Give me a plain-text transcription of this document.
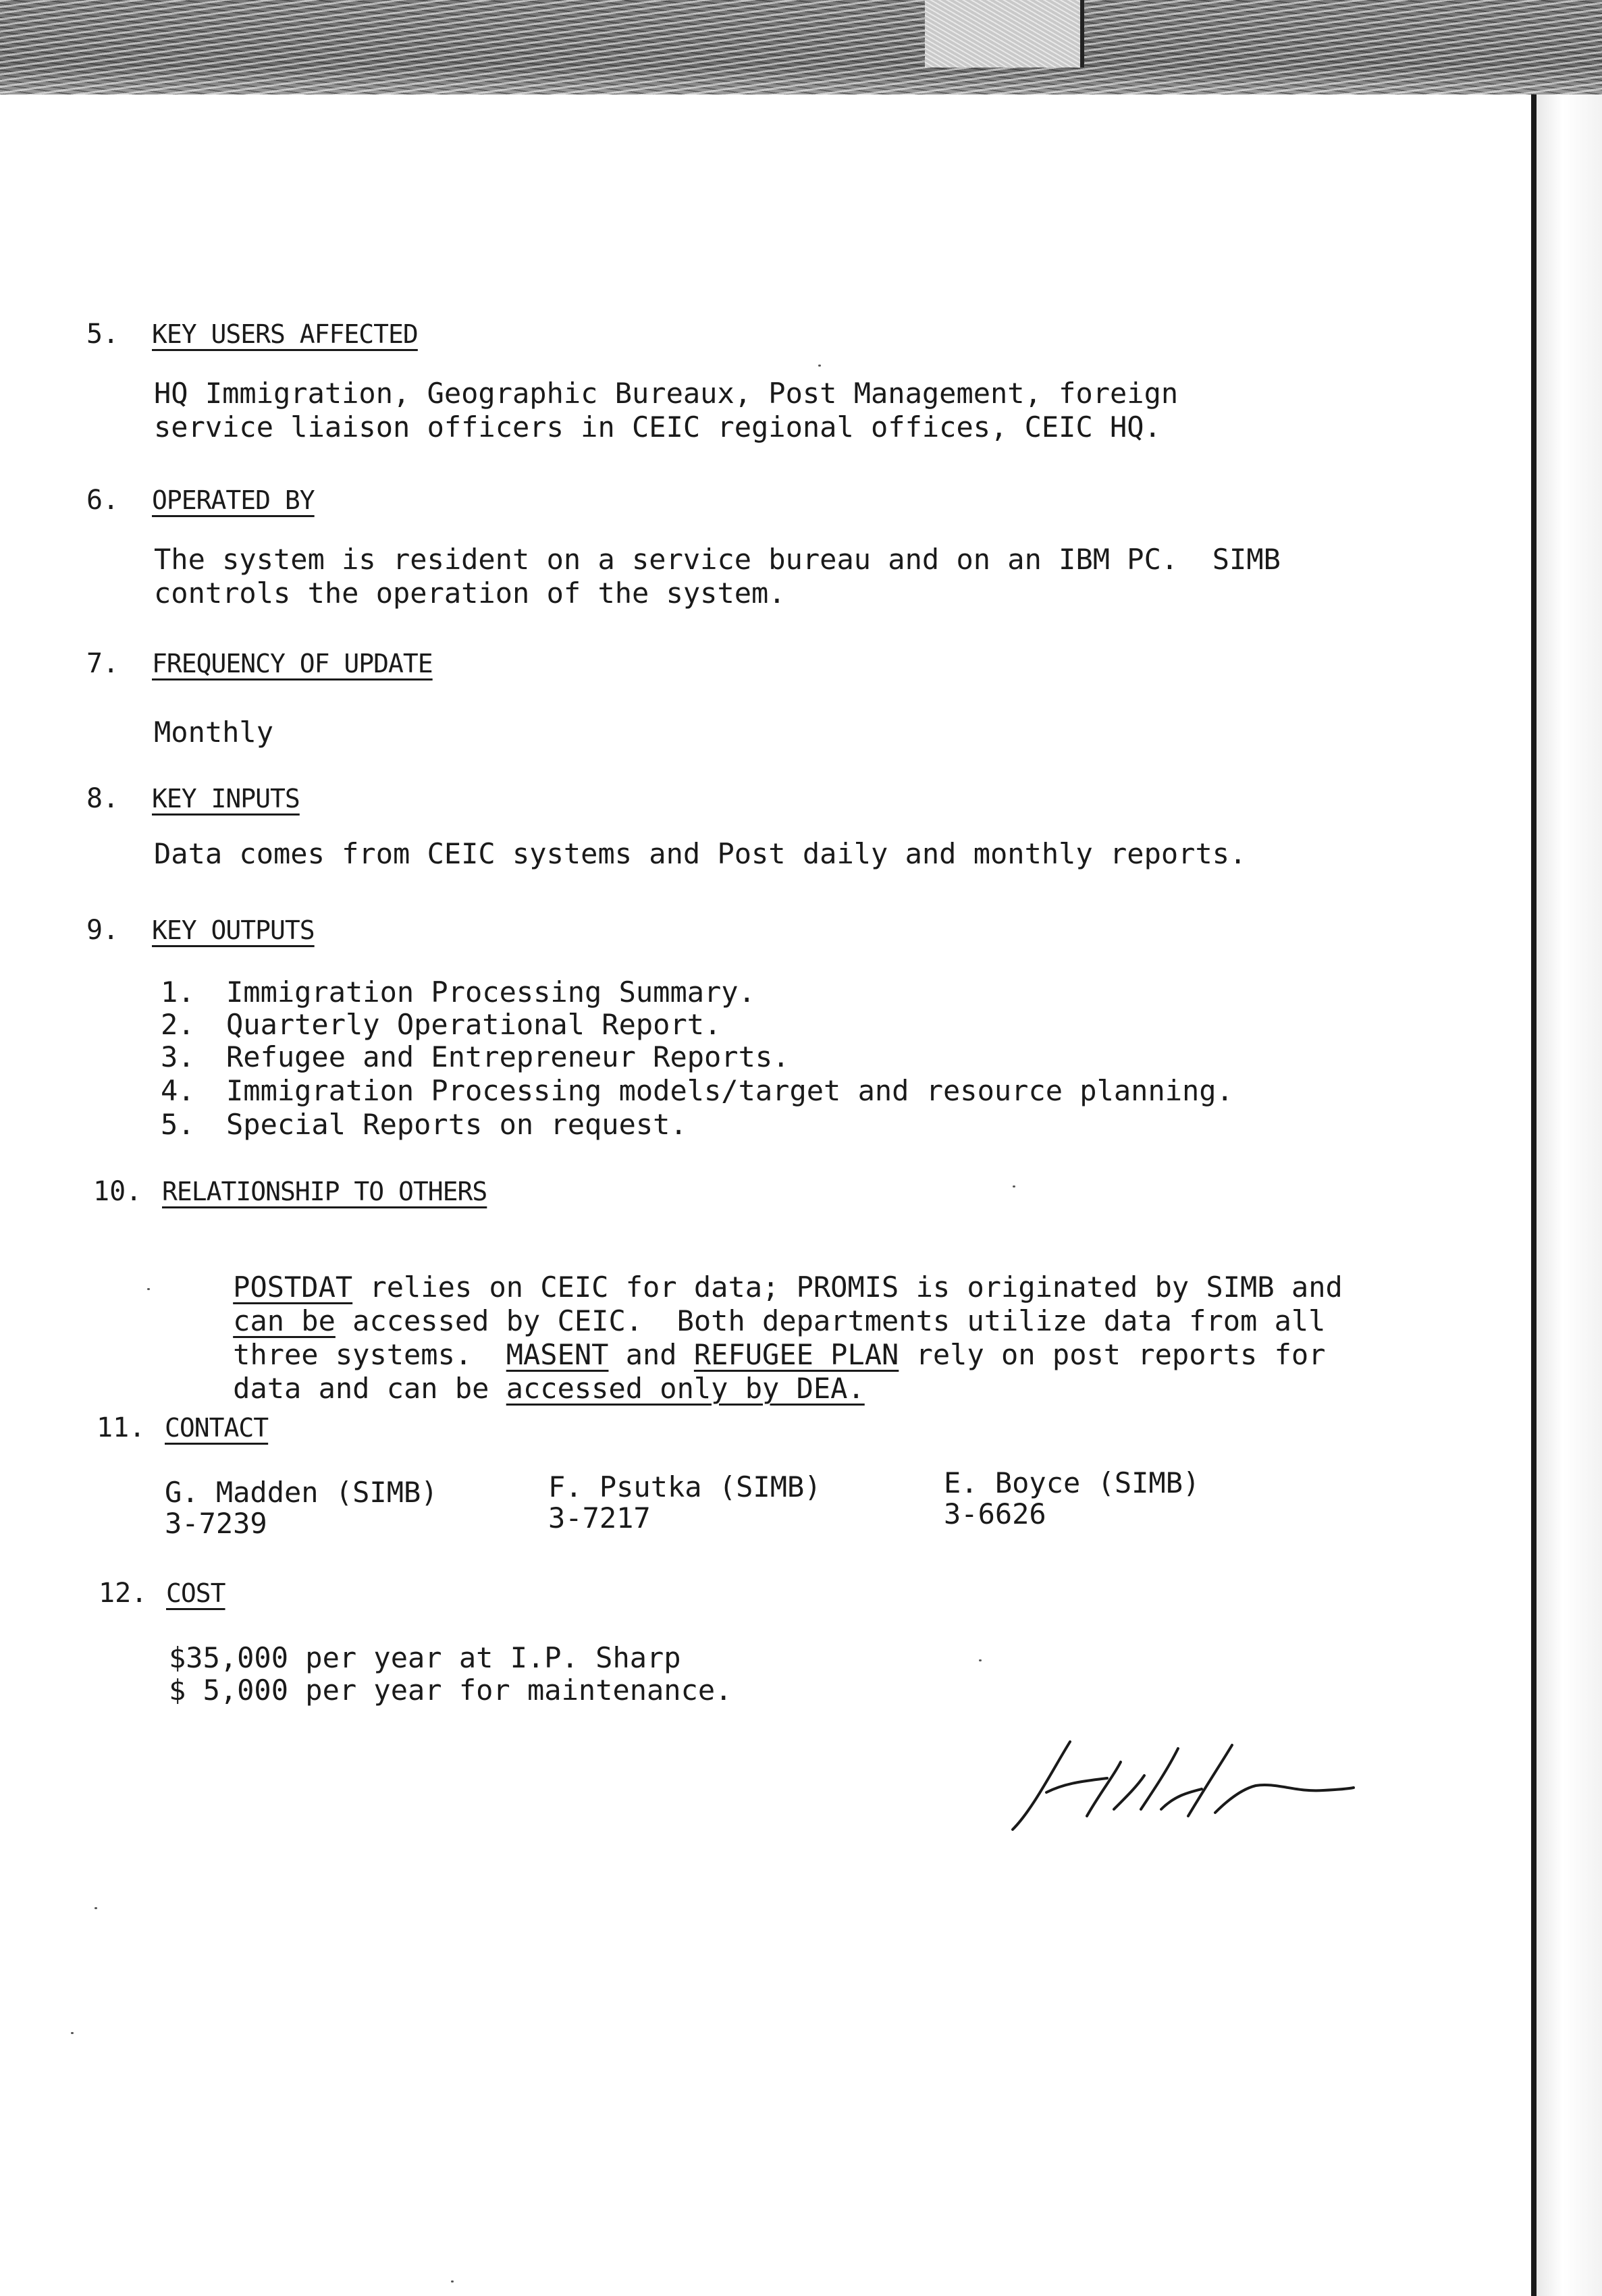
5. KEY USERS AFFECTED
HQ Immigration, Geographic Bureaux, Post Management, foreign
service liaison officers in CEIC regional offices, CEIC HQ.
6. OPERATED BY
The system is resident on a service bureau and on an IBM PC.  SIMB
controls the operation of the system.
7. FREQUENCY OF UPDATE
Monthly
8. KEY INPUTS
Data comes from CEIC systems and Post daily and monthly reports.
9. KEY OUTPUTS
1. Immigration Processing Summary.
2. Quarterly Operational Report.
3. Refugee and Entrepreneur Reports.
4. Immigration Processing models/target and resource planning.
5. Special Reports on request.
10. RELATIONSHIP TO OTHERS

POSTDAT relies on CEIC for data; PROMIS is originated by SIMB and

can be accessed by CEIC.  Both departments utilize data from all

three systems.  MASENT and REFUGEE PLAN rely on post reports for

data and can be accessed only by DEA.

11. CONTACT
G. Madden (SIMB)
3-7239
F. Psutka (SIMB)
3-7217
E. Boyce (SIMB)
3-6626
12. COST
$35,000 per year at I.P. Sharp
$ 5,000 per year for maintenance.
